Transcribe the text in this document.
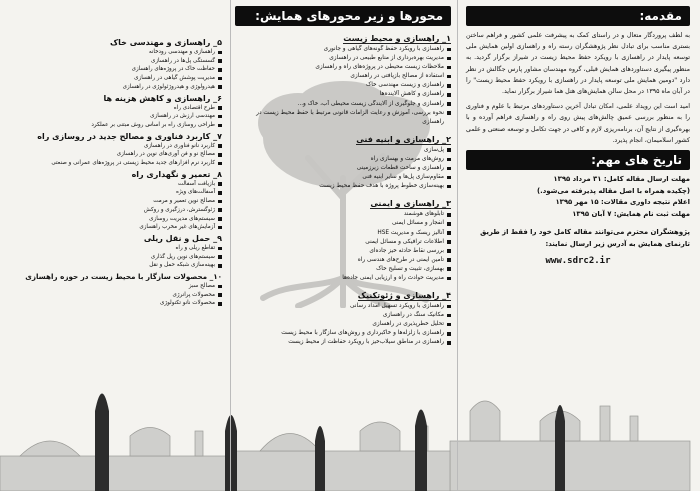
مقدمه:
به لطف پروردگار متعال و در راستای کمک به پیشرفت علمی کشور و فراهم ساختن بستری مناسب برای تبادل نظر پژوهشگران رسته راه و راهسازی اولین همایش ملی توسعه پایدار در راهسازی با رویکرد حفظ محیط زیست در شیراز برگزار گردید. به منظور پیگیری دستاوردهای همایش قبلی، گروه مهندسان مشاور پارس جگالش در نظر دارد "دومین همایش ملی توسعه پایدار در راهسازی با رویکرد حفظ محیط زیست" را در آبان ماه ۱۳۹۵ در محل سالن همایش‌های هتل هما شیراز برگزار نماید.
امید است این رویداد علمی، امکان تبادل آخرین دستاوردهای مرتبط با علوم و فناوری را به منظور بررسی عمیق چالش‌های پیش روی راه و راهسازی فراهم آورده و با بهره‌گیری از نتایج آن، برنامه‌ریزی لازم و کافی در جهت تکامل و توسعه صنعتی و علمی کشور اسلامیمان، انجام پذیرد.
تاریخ های مهم:
مهلت ارسال مقاله کامل: ۳۱ مرداد ۱۳۹۵
(چکیده همراه با اصل مقاله پذیرفته می‌شود.)
اعلام نتیجه داوری مقالات: ۱۵ مهر ۱۳۹۵
مهلت ثبت نام همایش: ۷ آبان ۱۳۹۵
پژوهشگران محترم می‌توانند مقاله کامل خود را فقط از طریق تارنمای همایش به آدرس زیر ارسال نمایند:
www.sdrc2.ir
محورها و زیر محورهای همایش:
۱_ راهسازی و محیط زیست
راهسازی با رویکرد حفظ گونه‌های گیاهی و جانوری
مدیریت بهره‌برداری از منابع طبیعی در راهسازی
ملاحظات زیست محیطی در پروژه‌های راه و راهسازی
استفاده از مصالح بازیافتی در راهسازی
راهسازی و زیست مهندسی خاک
راهسازی و کاهش آلاینده‌ها
راهسازی و جلوگیری از آلایندگی زیست محیطی آب، خاک و...
نحوه بررسی، آموزش و رعایت الزامات قانونی مرتبط با حفظ محیط زیست در راهسازی
۲_ راهسازی و ابنیه فنی
پل‌سازی
روش‌های مرمت و بهسازی راه
راهسازی و ساخت قطعات زیرزمینی
مقاوم‌سازی پل‌ها و سایر ابنیه فنی
بهینه‌سازی خطوط پروژه با هدف حفظ محیط زیست
۳_ راهسازی و ایمنی
تابلوهای هوشمند
انفجار و مسائل ایمنی
آنالیز ریسک و مدیریت HSE
اطلاعات ترافیکی و مسائل ایمنی
بررسی نقاط حادثه خیز جاده‌ای
تأمین ایمنی در طرح‌های هندسی راه
بهسازی، تثبیت و تسلیح خاک
مدیریت حوادث راه و ارزیابی ایمنی جاده‌ها
۴_ راهسازی و ژئوتکنیک
راهسازی با رویکرد تسهیل امداد رسانی
مکانیک سنگ در راهسازی
تحلیل خطرپذیری در راهسازی
راهسازی با زلزله‌ها و خاکبرداری و روش‌های سازگار با محیط زیست
راهسازی در مناطق سیلاب‌خیز با رویکرد حفاظت از محیط زیست
۵_ راهسازی و مهندسی خاک
راهسازی و مهندسی رودخانه
گسستگی پل‌ها در راهسازی
حفاظت خاک در پروژه‌های راهسازی
مدیریت پوشش گیاهی در راهسازی
هیدرولوژی و هیدروژئولوژی در راهسازی
۶_ راهسازی و کاهش هزینه ها
طرح اقتصادی راه
مهندسی ارزش در راهسازی
طراحی روسازی راه بر اساس روش مبتنی بر عملکرد
۷_ کاربرد فناوری و مصالح جدید در روسازی راه
کاربرد نانو فناوری در راهسازی
مصالح نو و فن آوری‌های نوین در راهسازی
کاربرد نرم افزارهای جدید محیط زیستی در پروژه‌های عمرانی و صنعتی
۸_ تعمیر و نگهداری راه
بازیافت آسفالت
آسفالت‌های ویژه
مصالح نوین تعمیر و مرمت
ژئوگسترش، درزگیری و روکش
سیستم‌های مدیریت روسازی
آزمایش‌های غیر مخرب راهسازی
۹_ حمل و نقل ریلی
تقاطع ریلی و راه
سیستم‌های نوین ریل گذاری
بهینه‌سازی شبکه حمل و نقل
۱۰_ محصولات سازگار با محیط زیست در حوزه راهسازی
مصالح سبز
محصولات پرانرژی
محصولات نانو تکنولوژی
